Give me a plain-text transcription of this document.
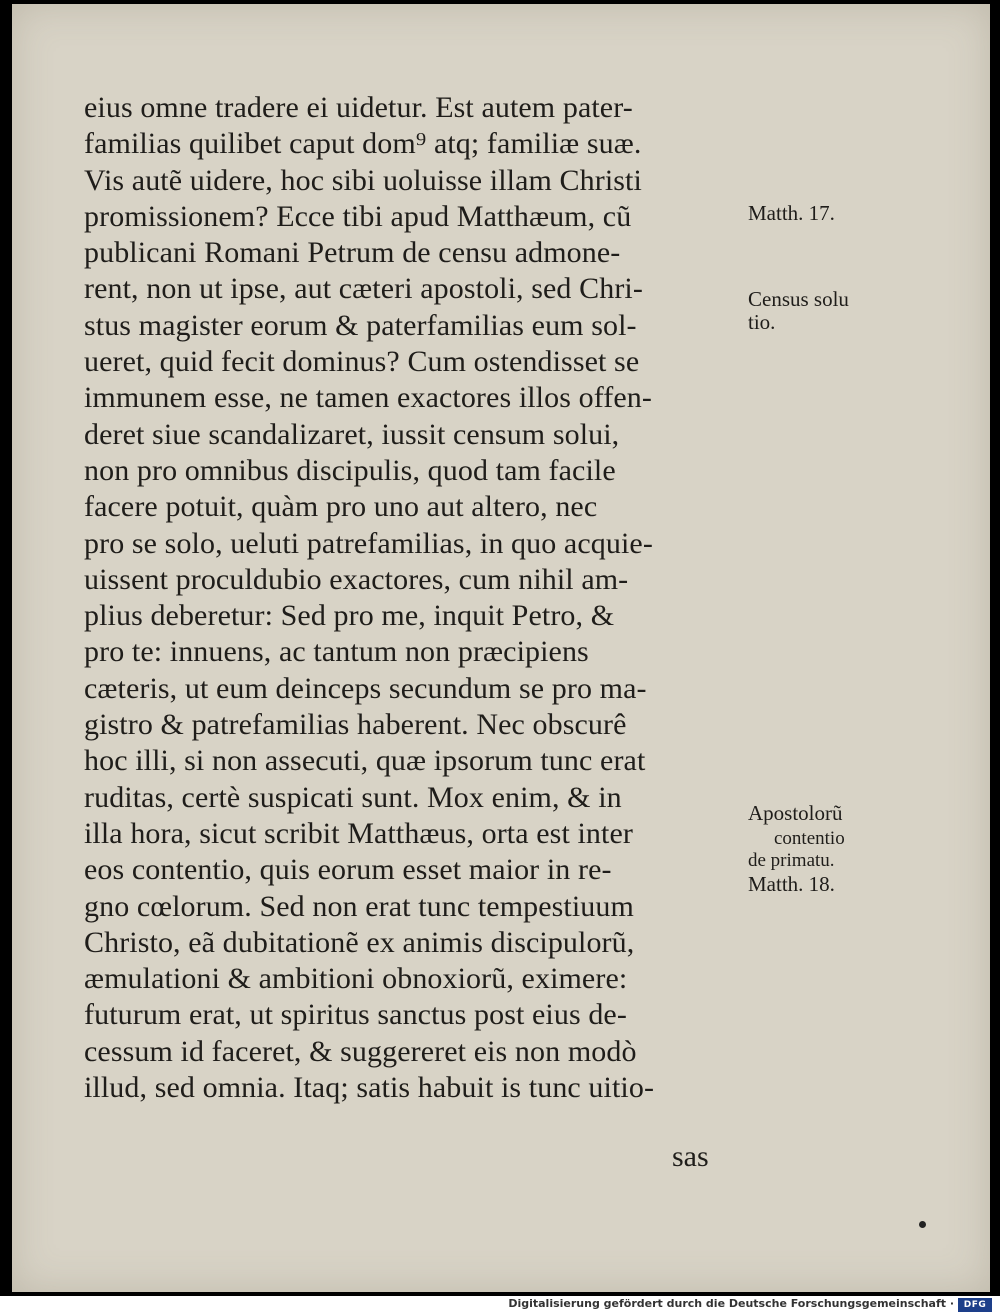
eius omne tradere ei uidetur. Est autem pater-
familias quilibet caput dom⁹ atq; familiæ suæ.
Vis autẽ uidere, hoc sibi uoluisse illam Christi
promissionem? Ecce tibi apud Matthæum, cũ
publicani Romani Petrum de censu admone-
rent, non ut ipse, aut cæteri apostoli, sed Chri-
stus magister eorum & paterfamilias eum sol-
ueret, quid fecit dominus? Cum ostendisset se
immunem esse, ne tamen exactores illos offen-
deret siue scandalizaret, iussit censum solui,
non pro omnibus discipulis, quod tam facile
facere potuit, quàm pro uno aut altero, nec
pro se solo, ueluti patrefamilias, in quo acquie-
uissent proculdubio exactores, cum nihil am-
plius deberetur: Sed pro me, inquit Petro, &
pro te: innuens, ac tantum non præcipiens
cæteris, ut eum deinceps secundum se pro ma-
gistro & patrefamilias haberent. Nec obscurê
hoc illi, si non assecuti, quæ ipsorum tunc erat
ruditas, certè suspicati sunt. Mox enim, & in
illa hora, sicut scribit Matthæus, orta est inter
eos contentio, quis eorum esset maior in re-
gno cœlorum. Sed non erat tunc tempestiuum
Christo, eã dubitationẽ ex animis discipulorũ,
æmulationi & ambitioni obnoxiorũ, eximere:
futurum erat, ut spiritus sanctus post eius de-
cessum id faceret, & suggereret eis non modò
illud, sed omnia. Itaq; satis habuit is tunc uitio-
sas
Matth. 17.
Census solu
tio.
Apostolorũ
contentio
de primatu.
Matth. 18.
Digitalisierung gefördert durch die Deutsche Forschungsgemeinschaft ·	DFG
